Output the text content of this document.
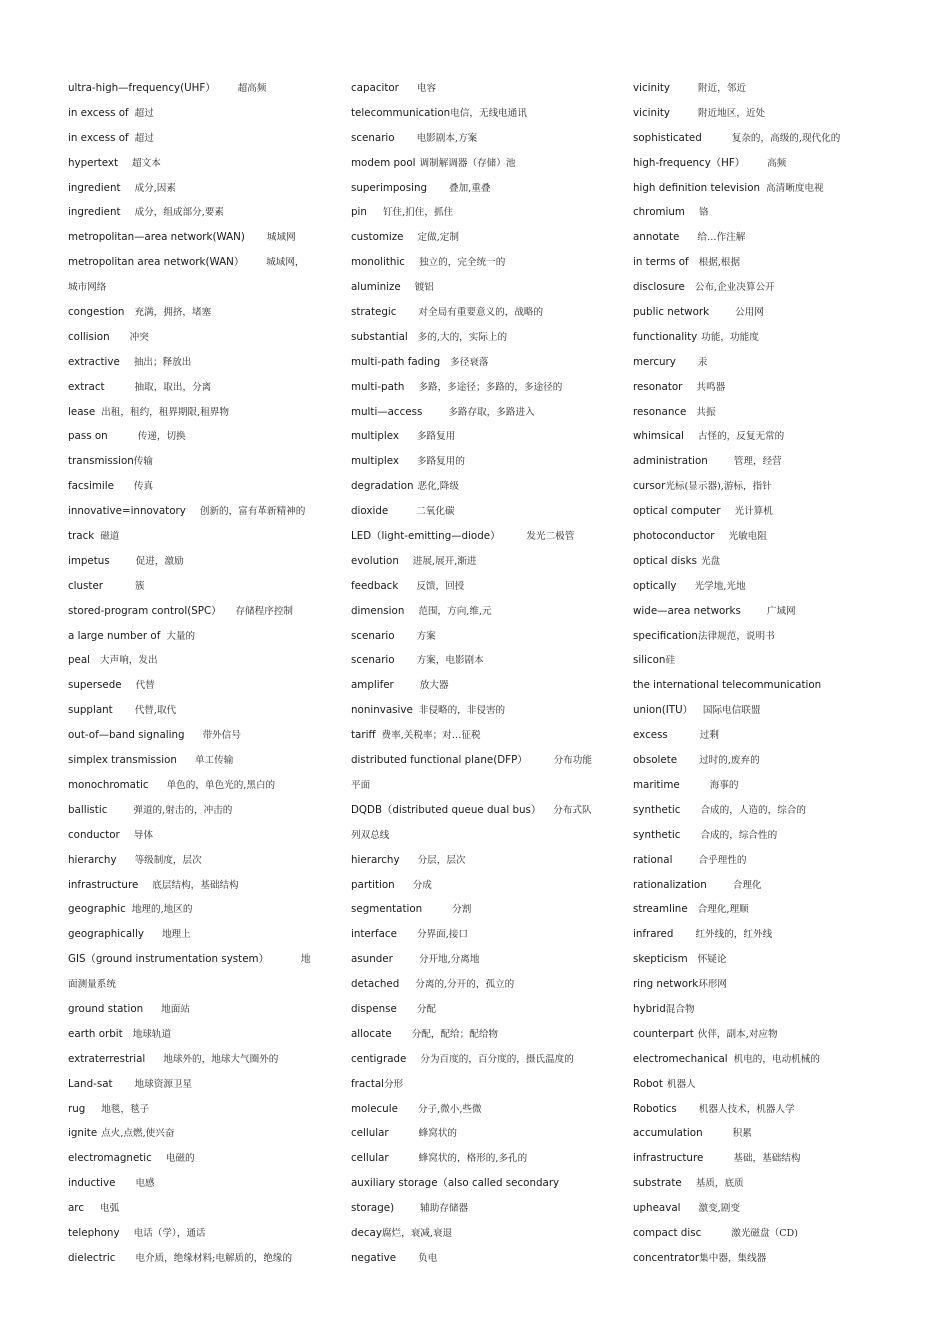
ultra-high—frequency(UHF） 超高频
in excess of 超过
in excess of 超过
hypertext 超文本
ingredient 成分,因素
ingredient 成分，组成部分,要素
metropolitan—area network(WAN) 城域网
metropolitan area network(WAN） 城域网，
城市网络
congestion 充满，拥挤，堵塞
collision 冲突
extractive 抽出；释放出
extract	抽取，取出，分离
lease 出租，租约，租界期限,租界物
pass on	传递，切换
transmission传输
facsimile 传真
innovative=innovatory 创新的，富有革新精神的
track 磁道
impetus	促进，激励
cluster	簇
stored-program control(SPC） 存储程序控制
a large number of 大量的
peal 大声响，发出
supersede 代替
supplant 代替,取代
out-of—band signaling 带外信号
simplex transmission 单工传输
monochromatic 单色的，单色光的,黑白的
ballistic	弹道的,射击的，冲击的
conductor 导体
hierarchy 等级制度，层次
infrastructure 底层结构，基础结构
geographic 地理的,地区的
geographically 地理上
GIS（ground instrumentation system）	地
面测量系统
ground station 地面站
earth orbit 地球轨道
extraterrestrial 地球外的，地球大气圈外的
Land-sat 地球资源卫星
rug 地毯，毯子
ignite 点火,点燃,使兴奋
electromagnetic 电磁的
inductive 电感
arc 电弧
telephony 电话（学），通话
dielectric 电介质，绝缘材料;电解质的，绝缘的
capacitor 电容
telecommunication电信，无线电通讯
scenario 电影剧本,方案
modem pool 调制解调器（存储）池
superimposing 叠加,重叠
pin 钉住,扪住，抓住
customize 定做,定制
monolithic 独立的，完全统一的
aluminize 镀铝
strategic 对全局有重要意义的，战略的
substantial 多的,大的，实际上的
multi-path fading 多径衰落
multi-path 多路，多途径；多路的，多途径的
multi—access	多路存取，多路进入
multiplex 多路复用
multiplex 多路复用的
degradation 恶化,降级
dioxide	二氧化碳
LED（light-emitting—diode）	发光二极管
evolution 进展,展开,渐进
feedback 反馈，回授
dimension 范围，方向,维,元
scenario 方案
scenario 方案，电影剧本
amplifer	放大器
noninvasive 非侵略的，非侵害的
tariff 费率,关税率；对…征税
distributed functional plane(DFP）	分布功能
平面
DQDB（distributed queue dual bus） 分布式队
列双总线
hierarchy 分层，层次
partition 分成
segmentation	分割
interface 分界面,接口
asunder	分开地,分离地
detached 分离的,分开的，孤立的
dispense 分配
allocate 分配，配给；配给物
centigrade 分为百度的，百分度的，摄氏温度的
fractal分形
molecule 分子,微小,些微
cellular	蜂窝状的
cellular	蜂窝状的，格形的,多孔的
auxiliary storage（also called secondary
storage)	辅助存储器
decay腐烂，衰减,衰退
negative 负电
vicinity	附近，邻近
vicinity	附近地区，近处
sophisticated	复杂的，高级的,现代化的
high-frequency（HF） 高频
high definition television 高清晰度电视
chromium 铬
annotate 给…作注解
in terms of 根据,根据
disclosure 公布,企业决算公开
public network	公用网
functionality 功能，功能度
mercury 汞
resonator 共鸣器
resonance 共振
whimsical 古怪的，反复无常的
administration	管理，经营
cursor光标(显示器),游标，指针
optical computer 光计算机
photoconductor 光敏电阻
optical disks 光盘
optically 光学地,光地
wide—area networks	广域网
specification法律规范，说明书
silicon硅
the international telecommunication
union(ITU） 国际电信联盟
excess	过剩
obsolete 过时的,废弃的
maritime	海事的
synthetic 合成的，人造的，综合的
synthetic 合成的，综合性的
rational	合乎理性的
rationalization	合理化
streamline 合理化,理顺
infrared 红外线的，红外线
skepticism 怀疑论
ring network环形网
hybrid混合物
counterpart 伙伴，副本,对应物
electromechanical 机电的，电动机械的
Robot 机器人
Robotics 机器人技术，机器人学
accumulation	积累
infrastructure	基础，基础结构
substrate 基质，底质
upheaval 激变,剧变
compact disc	激光磁盘（CD)
concentrator集中器，集线器
